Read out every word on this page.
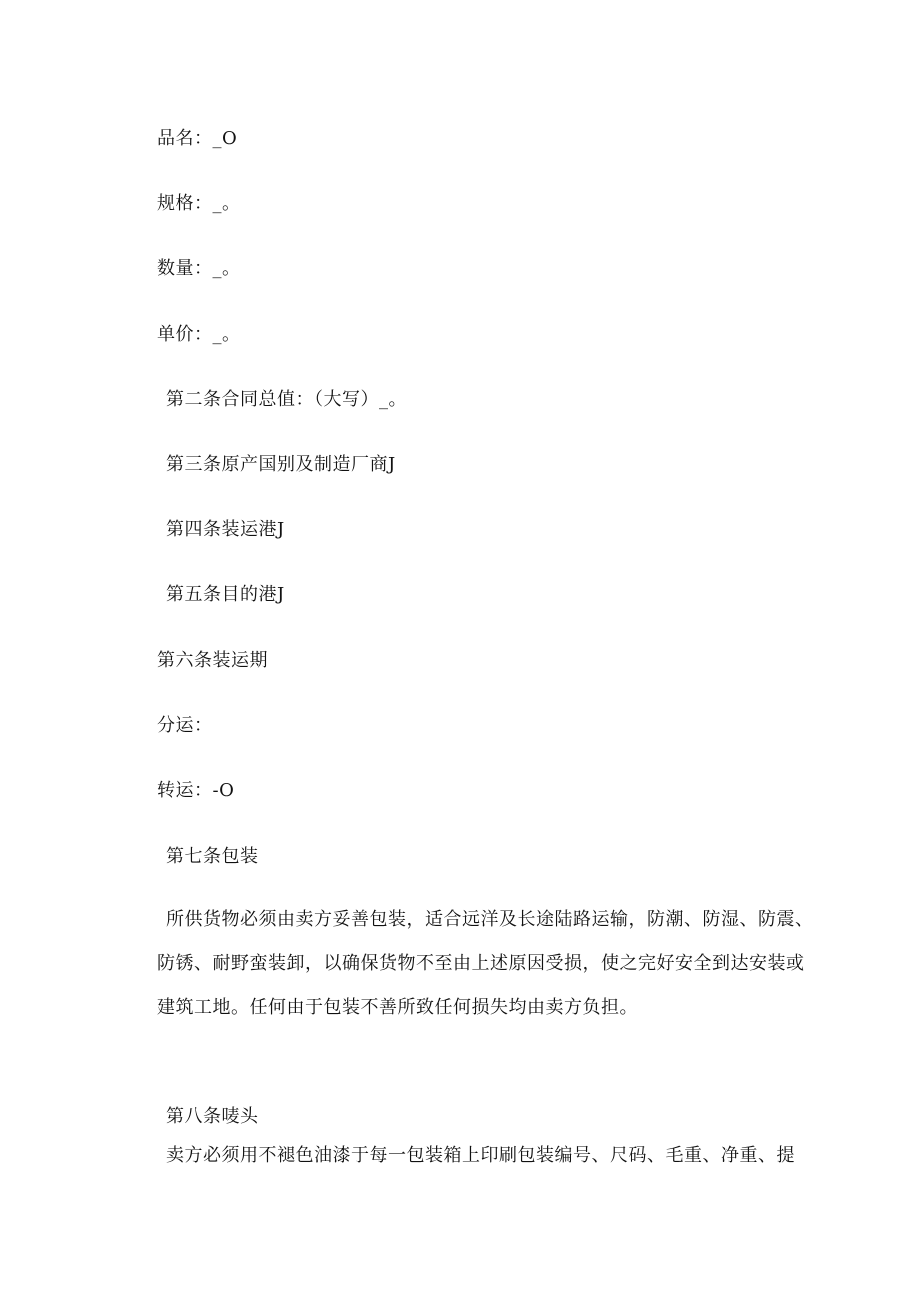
品名：_O
规格：_。
数量：_。
单价：_。
第二条合同总值：（大写）_。
第三条原产国别及制造厂商J
第四条装运港J
第五条目的港J
第六条装运期
分运：
转运：-O
第七条包装

所供货物必须由卖方妥善包装，适合远洋及长途陆路运输，防潮、防湿、防震、防锈、耐野蛮装卸，以确保货物不至由上述原因受损，使之完好安全到达安装或建筑工地。任何由于包装不善所致任何损失均由卖方负担。

第八条唛头

卖方必须用不褪色油漆于每一包装箱上印刷包装编号、尺码、毛重、净重、提
